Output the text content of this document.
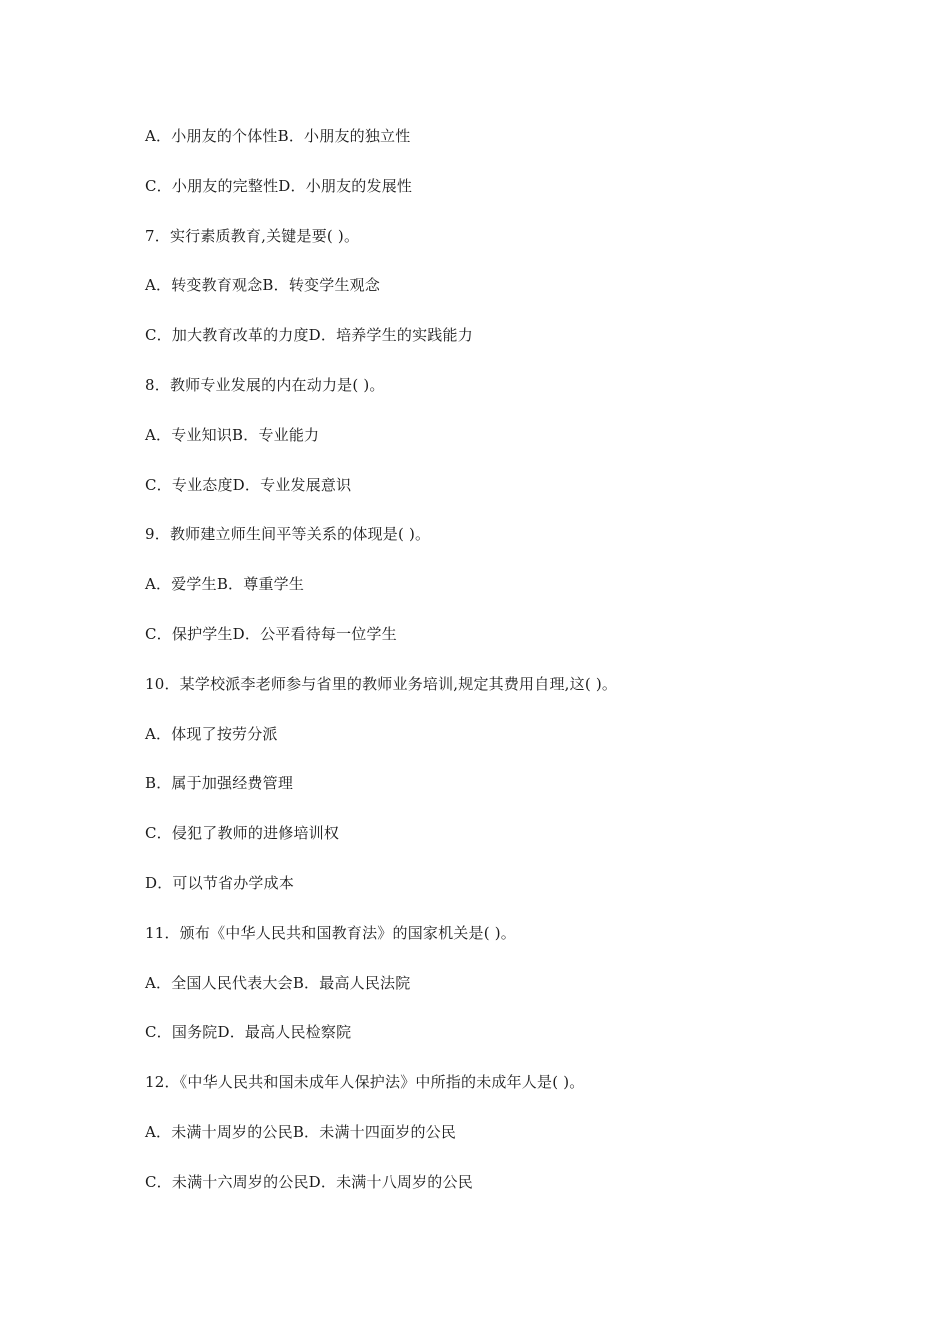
A．小朋友的个体性B．小朋友的独立性

C．小朋友的完整性D．小朋友的发展性

7．实行素质教育,关键是要( )。

A．转变教育观念B．转变学生观念

C．加大教育改革的力度D．培养学生的实践能力

8．教师专业发展的内在动力是( )。

A．专业知识B．专业能力

C．专业态度D．专业发展意识

9．教师建立师生间平等关系的体现是( )。

A．爱学生B．尊重学生

C．保护学生D．公平看待每一位学生

10．某学校派李老师参与省里的教师业务培训,规定其费用自理,这( )。

A．体现了按劳分派

B．属于加强经费管理

C．侵犯了教师的进修培训权

D．可以节省办学成本

11．颁布《中华人民共和国教育法》的国家机关是( )。

A．全国人民代表大会B．最高人民法院

C．国务院D．最高人民检察院

12．《中华人民共和国未成年人保护法》中所指的未成年人是( )。

A．未满十周岁的公民B．未满十四面岁的公民

C．未满十六周岁的公民D．未满十八周岁的公民
